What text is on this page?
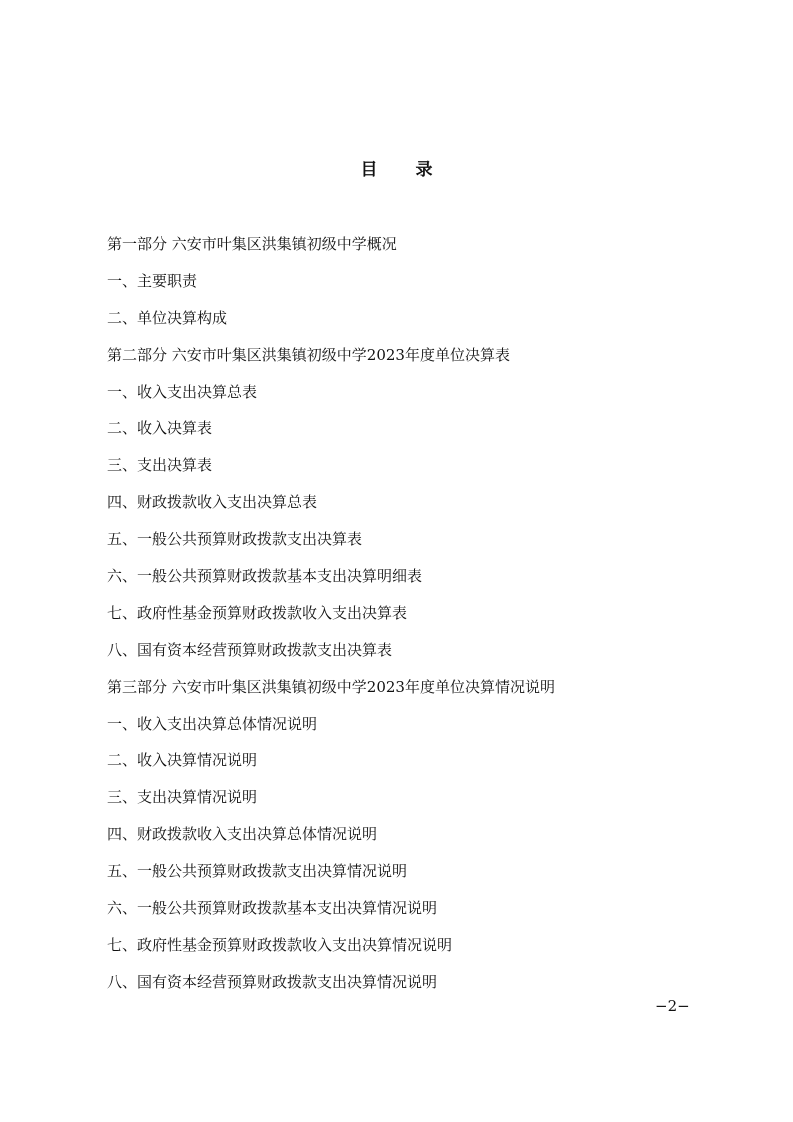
目 录
第一部分 六安市叶集区洪集镇初级中学概况
一、主要职责
二、单位决算构成
第二部分 六安市叶集区洪集镇初级中学2023年度单位决算表
一、收入支出决算总表
二、收入决算表
三、支出决算表
四、财政拨款收入支出决算总表
五、一般公共预算财政拨款支出决算表
六、一般公共预算财政拨款基本支出决算明细表
七、政府性基金预算财政拨款收入支出决算表
八、国有资本经营预算财政拨款支出决算表
第三部分 六安市叶集区洪集镇初级中学2023年度单位决算情况说明
一、收入支出决算总体情况说明
二、收入决算情况说明
三、支出决算情况说明
四、财政拨款收入支出决算总体情况说明
五、一般公共预算财政拨款支出决算情况说明
六、一般公共预算财政拨款基本支出决算情况说明
七、政府性基金预算财政拨款收入支出决算情况说明
八、国有资本经营预算财政拨款支出决算情况说明
−2−
